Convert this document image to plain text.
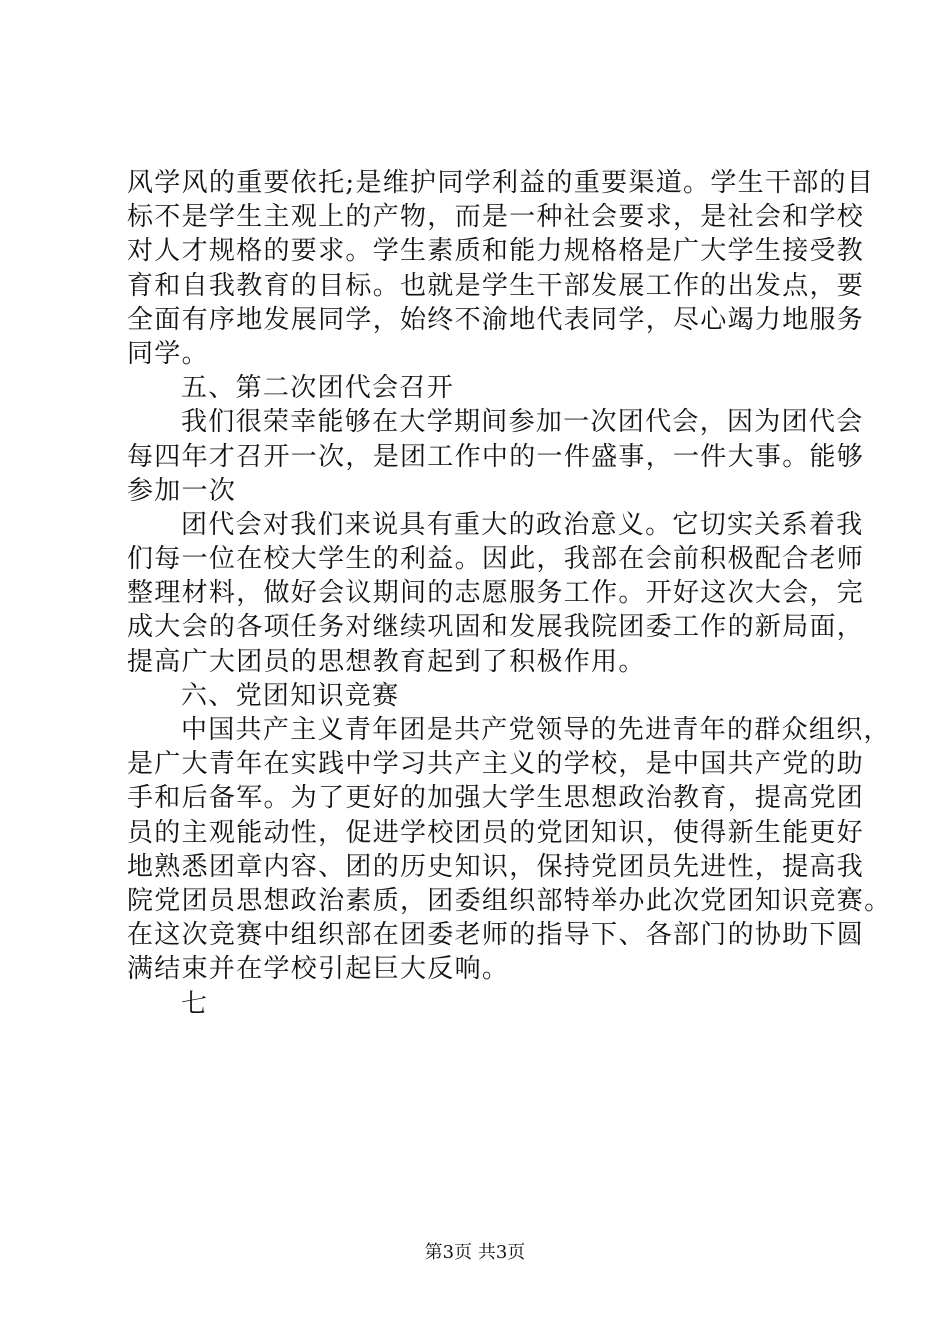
风学风的重要依托;是维护同学利益的重要渠道。学生干部的目
标不是学生主观上的产物，而是一种社会要求，是社会和学校
对人才规格的要求。学生素质和能力规格格是广大学生接受教
育和自我教育的目标。也就是学生干部发展工作的出发点，要
全面有序地发展同学，始终不渝地代表同学，尽心竭力地服务
同学。
五、第二次团代会召开
我们很荣幸能够在大学期间参加一次团代会，因为团代会
每四年才召开一次，是团工作中的一件盛事，一件大事。能够
参加一次
团代会对我们来说具有重大的政治意义。它切实关系着我
们每一位在校大学生的利益。因此，我部在会前积极配合老师
整理材料，做好会议期间的志愿服务工作。开好这次大会，完
成大会的各项任务对继续巩固和发展我院团委工作的新局面，
提高广大团员的思想教育起到了积极作用。
六、党团知识竞赛
中国共产主义青年团是共产党领导的先进青年的群众组织，
是广大青年在实践中学习共产主义的学校，是中国共产党的助
手和后备军。为了更好的加强大学生思想政治教育，提高党团
员的主观能动性，促进学校团员的党团知识，使得新生能更好
地熟悉团章内容、团的历史知识，保持党团员先进性，提高我
院党团员思想政治素质，团委组织部特举办此次党团知识竞赛。
在这次竞赛中组织部在团委老师的指导下、各部门的协助下圆
满结束并在学校引起巨大反响。
七
第3页 共3页
